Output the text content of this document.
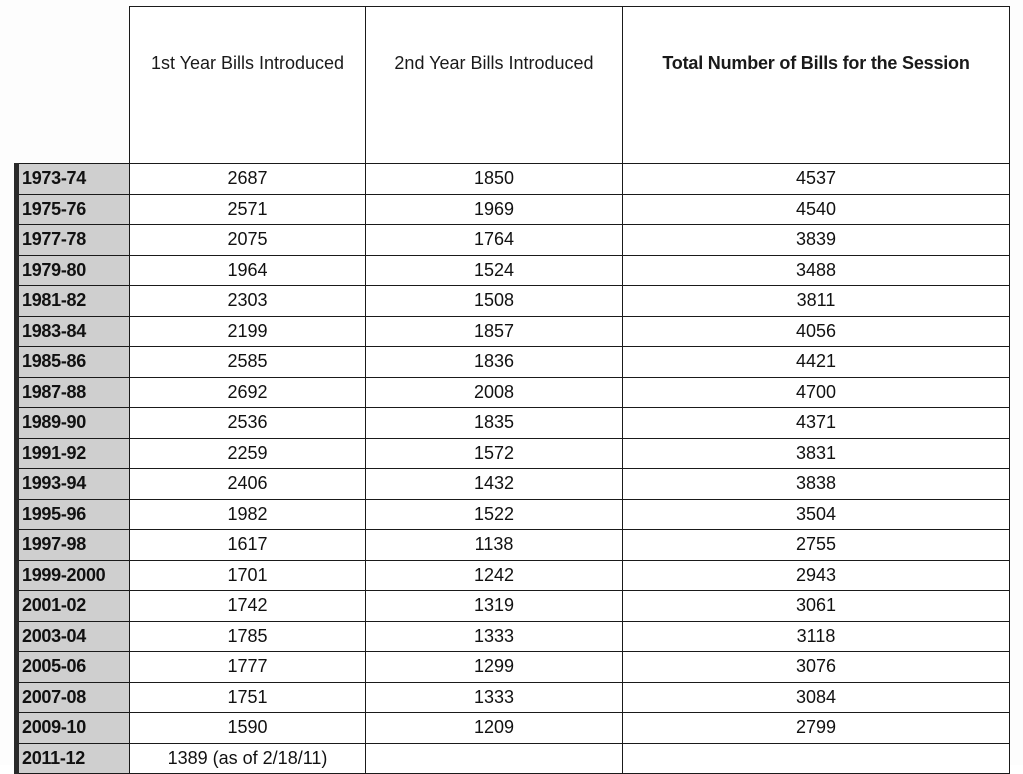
	1st Year Bills Introduced	2nd Year Bills Introduced	Total Number of Bills for the Session
1973-74	2687	1850	4537
1975-76	2571	1969	4540
1977-78	2075	1764	3839
1979-80	1964	1524	3488
1981-82	2303	1508	3811
1983-84	2199	1857	4056
1985-86	2585	1836	4421
1987-88	2692	2008	4700
1989-90	2536	1835	4371
1991-92	2259	1572	3831
1993-94	2406	1432	3838
1995-96	1982	1522	3504
1997-98	1617	1138	2755
1999-2000	1701	1242	2943
2001-02	1742	1319	3061
2003-04	1785	1333	3118
2005-06	1777	1299	3076
2007-08	1751	1333	3084
2009-10	1590	1209	2799
2011-12	1389 (as of 2/18/11)		
